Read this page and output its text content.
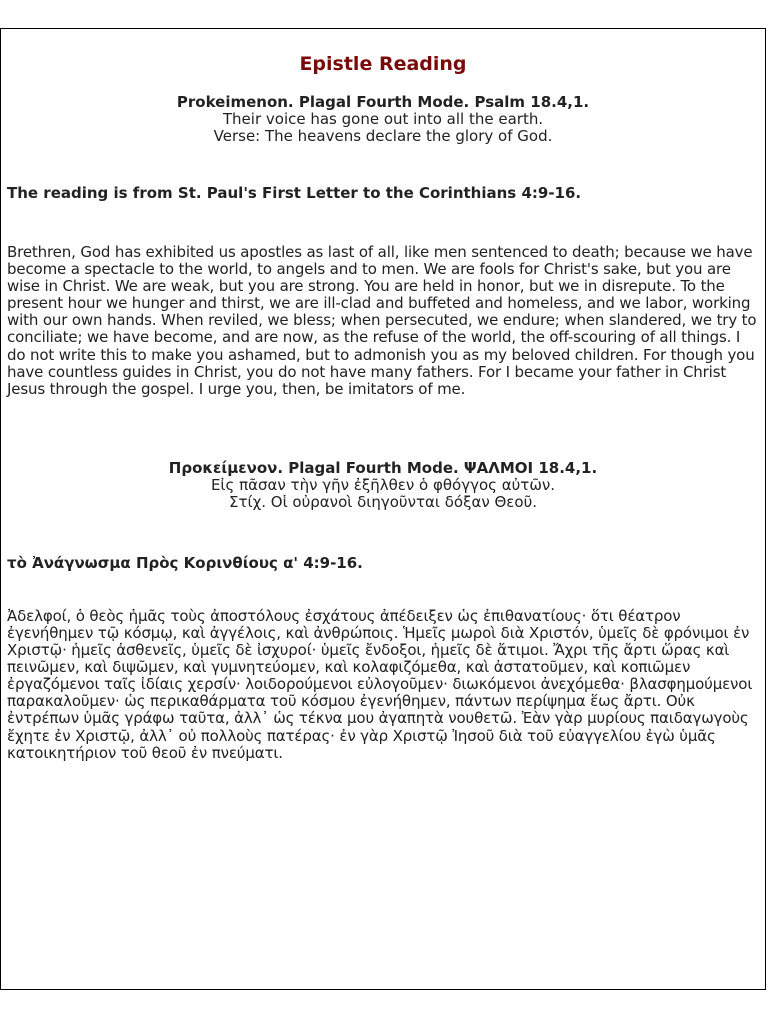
Epistle Reading
Prokeimenon. Plagal Fourth Mode. Psalm 18.4,1.
Their voice has gone out into all the earth.
Verse: The heavens declare the glory of God.
The reading is from St. Paul's First Letter to the Corinthians 4:9-16.
Brethren, God has exhibited us apostles as last of all, like men sentenced to death; because we have become a spectacle to the world, to angels and to men. We are fools for Christ's sake, but you are wise in Christ. We are weak, but you are strong. You are held in honor, but we in disrepute. To the present hour we hunger and thirst, we are ill-clad and buffeted and homeless, and we labor, working with our own hands. When reviled, we bless; when persecuted, we endure; when slandered, we try to conciliate; we have become, and are now, as the refuse of the world, the off-scouring of all things. I do not write this to make you ashamed, but to admonish you as my beloved children. For though you have countless guides in Christ, you do not have many fathers. For I became your father in Christ Jesus through the gospel. I urge you, then, be imitators of me.
Προκείμενον. Plagal Fourth Mode. ΨΑΛΜΟΙ 18.4,1.
Εἰς πᾶσαν τὴν γῆν ἐξῆλθεν ὁ φθόγγος αὐτῶν.
Στίχ. Οἱ οὐρανοὶ διηγοῦνται δόξαν Θεοῦ.
τὸ Ἀνάγνωσμα Πρὸς Κορινθίους α' 4:9-16.
Ἀδελφοί, ὁ θεὸς ἡμᾶς τοὺς ἀποστόλους ἐσχάτους ἀπέδειξεν ὡς ἐπιθανατίους· ὅτι θέατρον ἐγενήθημεν τῷ κόσμῳ, καὶ ἀγγέλοις, καὶ ἀνθρώποις. Ἡμεῖς μωροὶ διὰ Χριστόν, ὑμεῖς δὲ φρόνιμοι ἐν Χριστῷ· ἡμεῖς ἀσθενεῖς, ὑμεῖς δὲ ἰσχυροί· ὑμεῖς ἔνδοξοι, ἡμεῖς δὲ ἄτιμοι. Ἄχρι τῆς ἄρτι ὥρας καὶ πεινῶμεν, καὶ διψῶμεν, καὶ γυμνητεύομεν, καὶ κολαφιζόμεθα, καὶ ἀστατοῦμεν, καὶ κοπιῶμεν ἐργαζόμενοι ταῖς ἰδίαις χερσίν· λοιδορούμενοι εὐλογοῦμεν· διωκόμενοι ἀνεχόμεθα· βλασφημούμενοι παρακαλοῦμεν· ὡς περικαθάρματα τοῦ κόσμου ἐγενήθημεν, πάντων περίψημα ἕως ἄρτι. Οὐκ ἐντρέπων ὑμᾶς γράφω ταῦτα, ἀλλ᾽ ὡς τέκνα μου ἀγαπητὰ νουθετῶ. Ἐὰν γὰρ μυρίους παιδαγωγοὺς ἔχητε ἐν Χριστῷ, ἀλλ᾽ οὐ πολλοὺς πατέρας· ἐν γὰρ Χριστῷ Ἰησοῦ διὰ τοῦ εὐαγγελίου ἐγὼ ὑμᾶς κατοικητήριον τοῦ θεοῦ ἐν πνεύματι.
